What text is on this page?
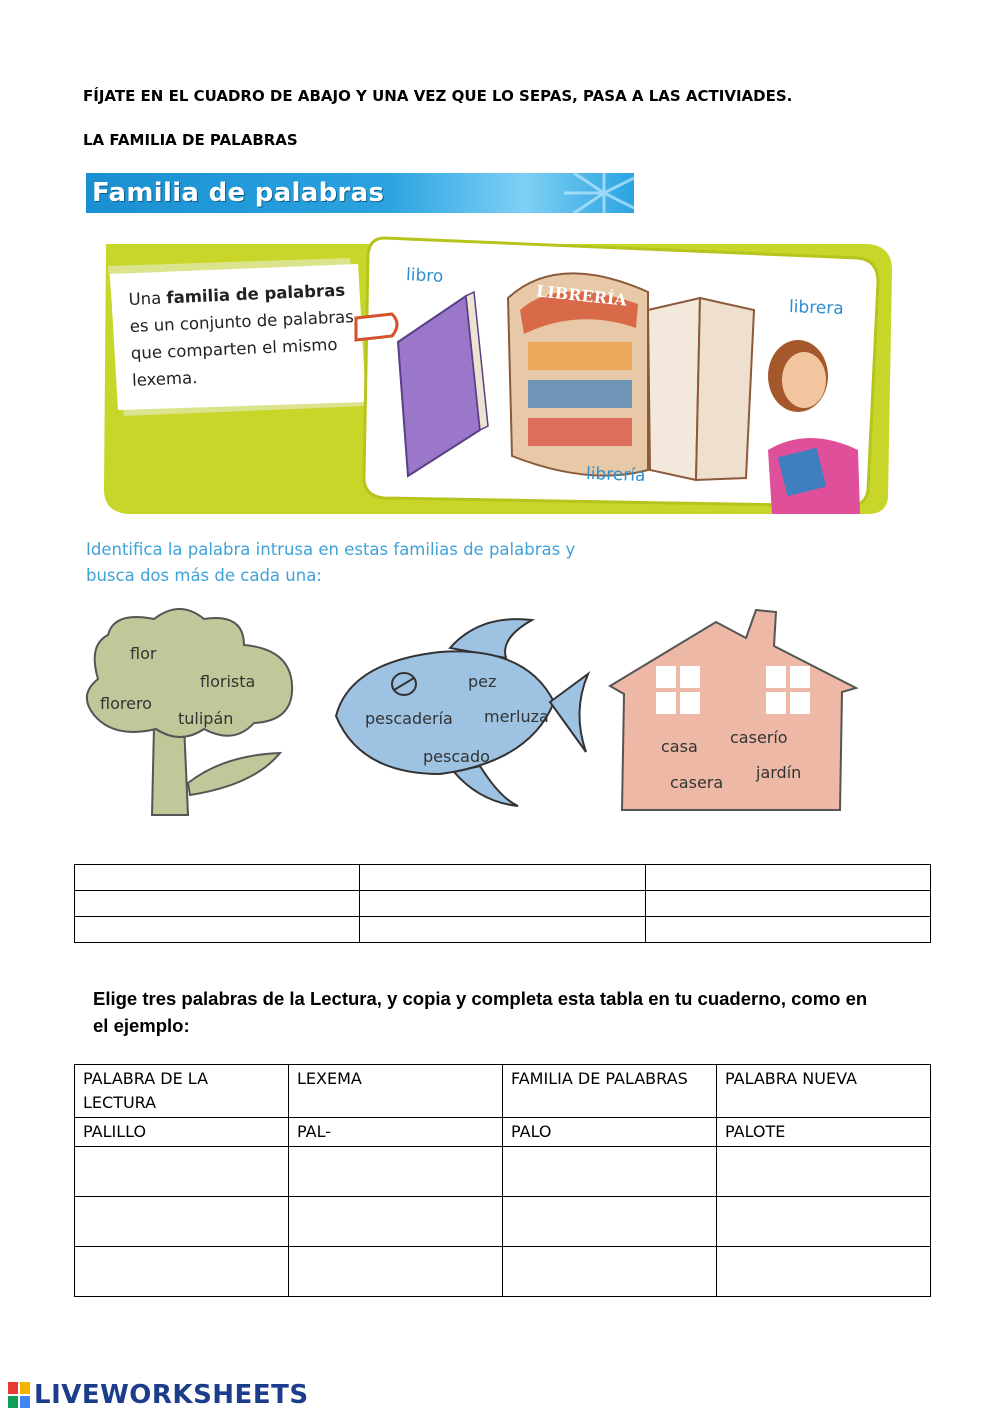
FÍJATE EN EL CUADRO DE ABAJO Y UNA VEZ QUE LO SEPAS, PASA A LAS ACTIVIADES.
LA FAMILIA DE PALABRAS
Familia de palabras
Una familia de palabras
es un conjunto de palabras
que comparten el mismo
lexema.
libro
LIBRERÍA	librera
librería
Identifica la palabra intrusa en estas familias de palabras y
busca dos más de cada una:
flor
florista
florero
tulipán
pez
pescadería merluza
pescado
casa caserío
casera
jardín

Elige tres palabras de la Lectura, y copia y completa esta tabla en tu cuaderno, como en
el ejemplo:
PALABRA DE LA LECTURA	LEXEMA	FAMILIA DE PALABRAS	PALABRA NUEVA
PALILLO	PAL-	PALO	PALOTE

LIVEWORKSHEETS
